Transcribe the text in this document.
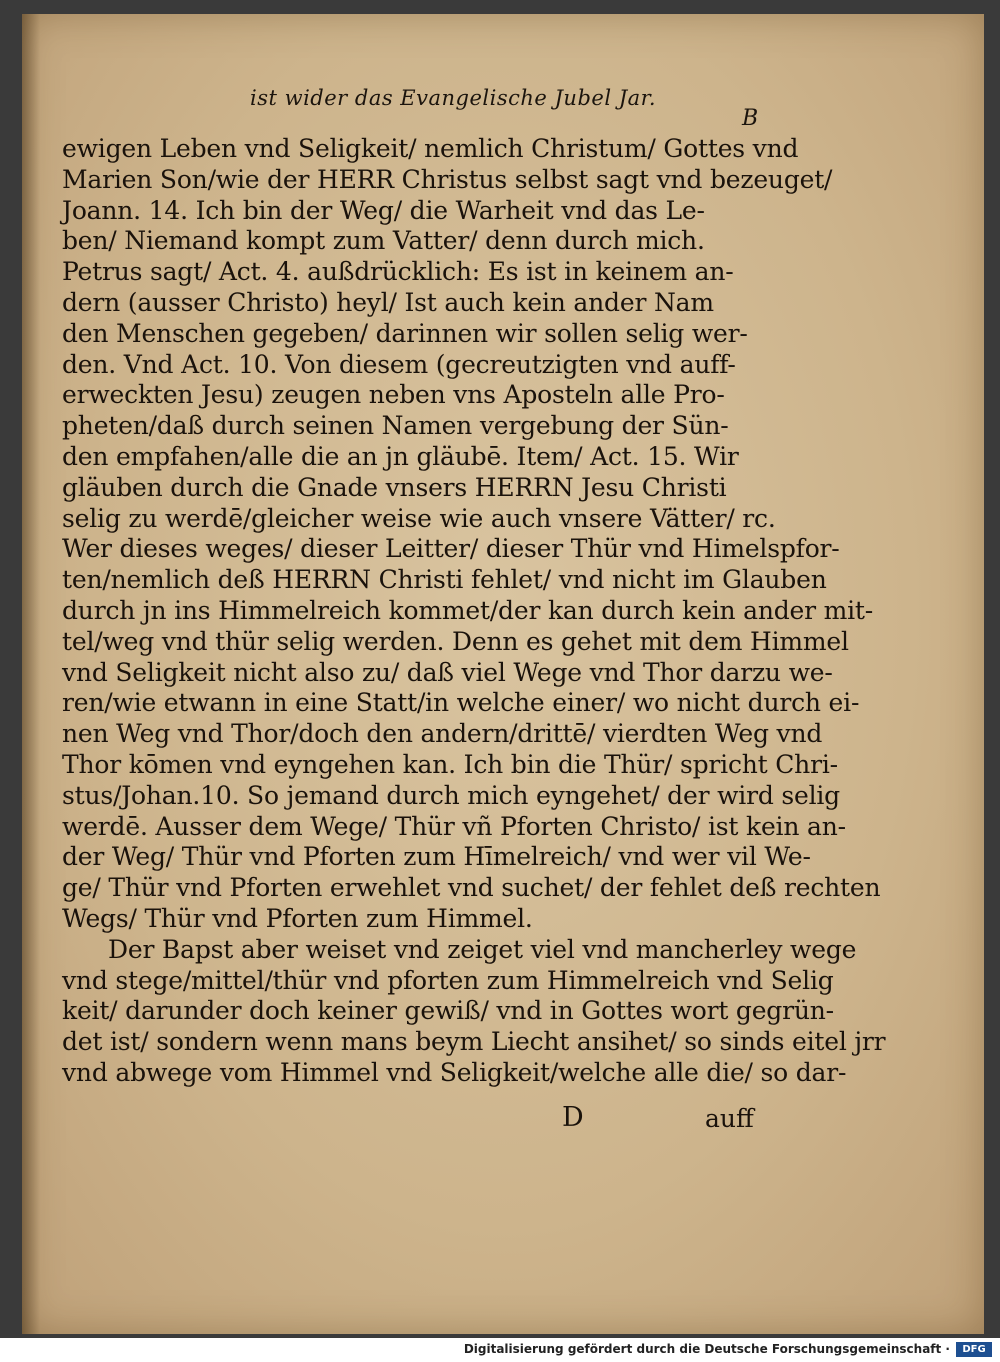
ist wider das Evangelische Jubel Jar.
B
ewigen Leben vnd Seligkeit/ nemlich Christum/ Gottes vnd
Marien Son/wie der HERR Christus selbst sagt vnd bezeuget/
Joann. 14. Ich bin der Weg/ die Warheit vnd das Le-
ben/ Niemand kompt zum Vatter/ denn durch mich.
Petrus sagt/ Act. 4. außdrücklich: Es ist in keinem an-
dern (ausser Christo) heyl/ Ist auch kein ander Nam
den Menschen gegeben/ darinnen wir sollen selig wer-
den. Vnd Act. 10. Von diesem (gecreutzigten vnd auff-
erweckten Jesu) zeugen neben vns Aposteln alle Pro-
pheten/daß durch seinen Namen vergebung der Sün-
den empfahen/alle die an jn gläubē. Item/ Act. 15. Wir
gläuben durch die Gnade vnsers HERRN Jesu Christi
selig zu werdē/gleicher weise wie auch vnsere Vätter/ rc.
Wer dieses weges/ dieser Leitter/ dieser Thür vnd Himelspfor-
ten/nemlich deß HERRN Christi fehlet/ vnd nicht im Glauben
durch jn ins Himmelreich kommet/der kan durch kein ander mit-
tel/weg vnd thür selig werden. Denn es gehet mit dem Himmel
vnd Seligkeit nicht also zu/ daß viel Wege vnd Thor darzu we-
ren/wie etwann in eine Statt/in welche einer/ wo nicht durch ei-
nen Weg vnd Thor/doch den andern/drittē/ vierdten Weg vnd
Thor kōmen vnd eyngehen kan. Ich bin die Thür/ spricht Chri-
stus/Johan.10. So jemand durch mich eyngehet/ der wird selig
werdē. Ausser dem Wege/ Thür vñ Pforten Christo/ ist kein an-
der Weg/ Thür vnd Pforten zum Hīmelreich/ vnd wer vil We-
ge/ Thür vnd Pforten erwehlet vnd suchet/ der fehlet deß rechten
Wegs/ Thür vnd Pforten zum Himmel.
Der Bapst aber weiset vnd zeiget viel vnd mancherley wege
vnd stege/mittel/thür vnd pforten zum Himmelreich vnd Selig
keit/ darunder doch keiner gewiß/ vnd in Gottes wort gegrün-
det ist/ sondern wenn mans beym Liecht ansihet/ so sinds eitel jrr
vnd abwege vom Himmel vnd Seligkeit/welche alle die/ so dar-
D	auff
Digitalisierung gefördert durch die Deutsche Forschungsgemeinschaft ·	DFG
